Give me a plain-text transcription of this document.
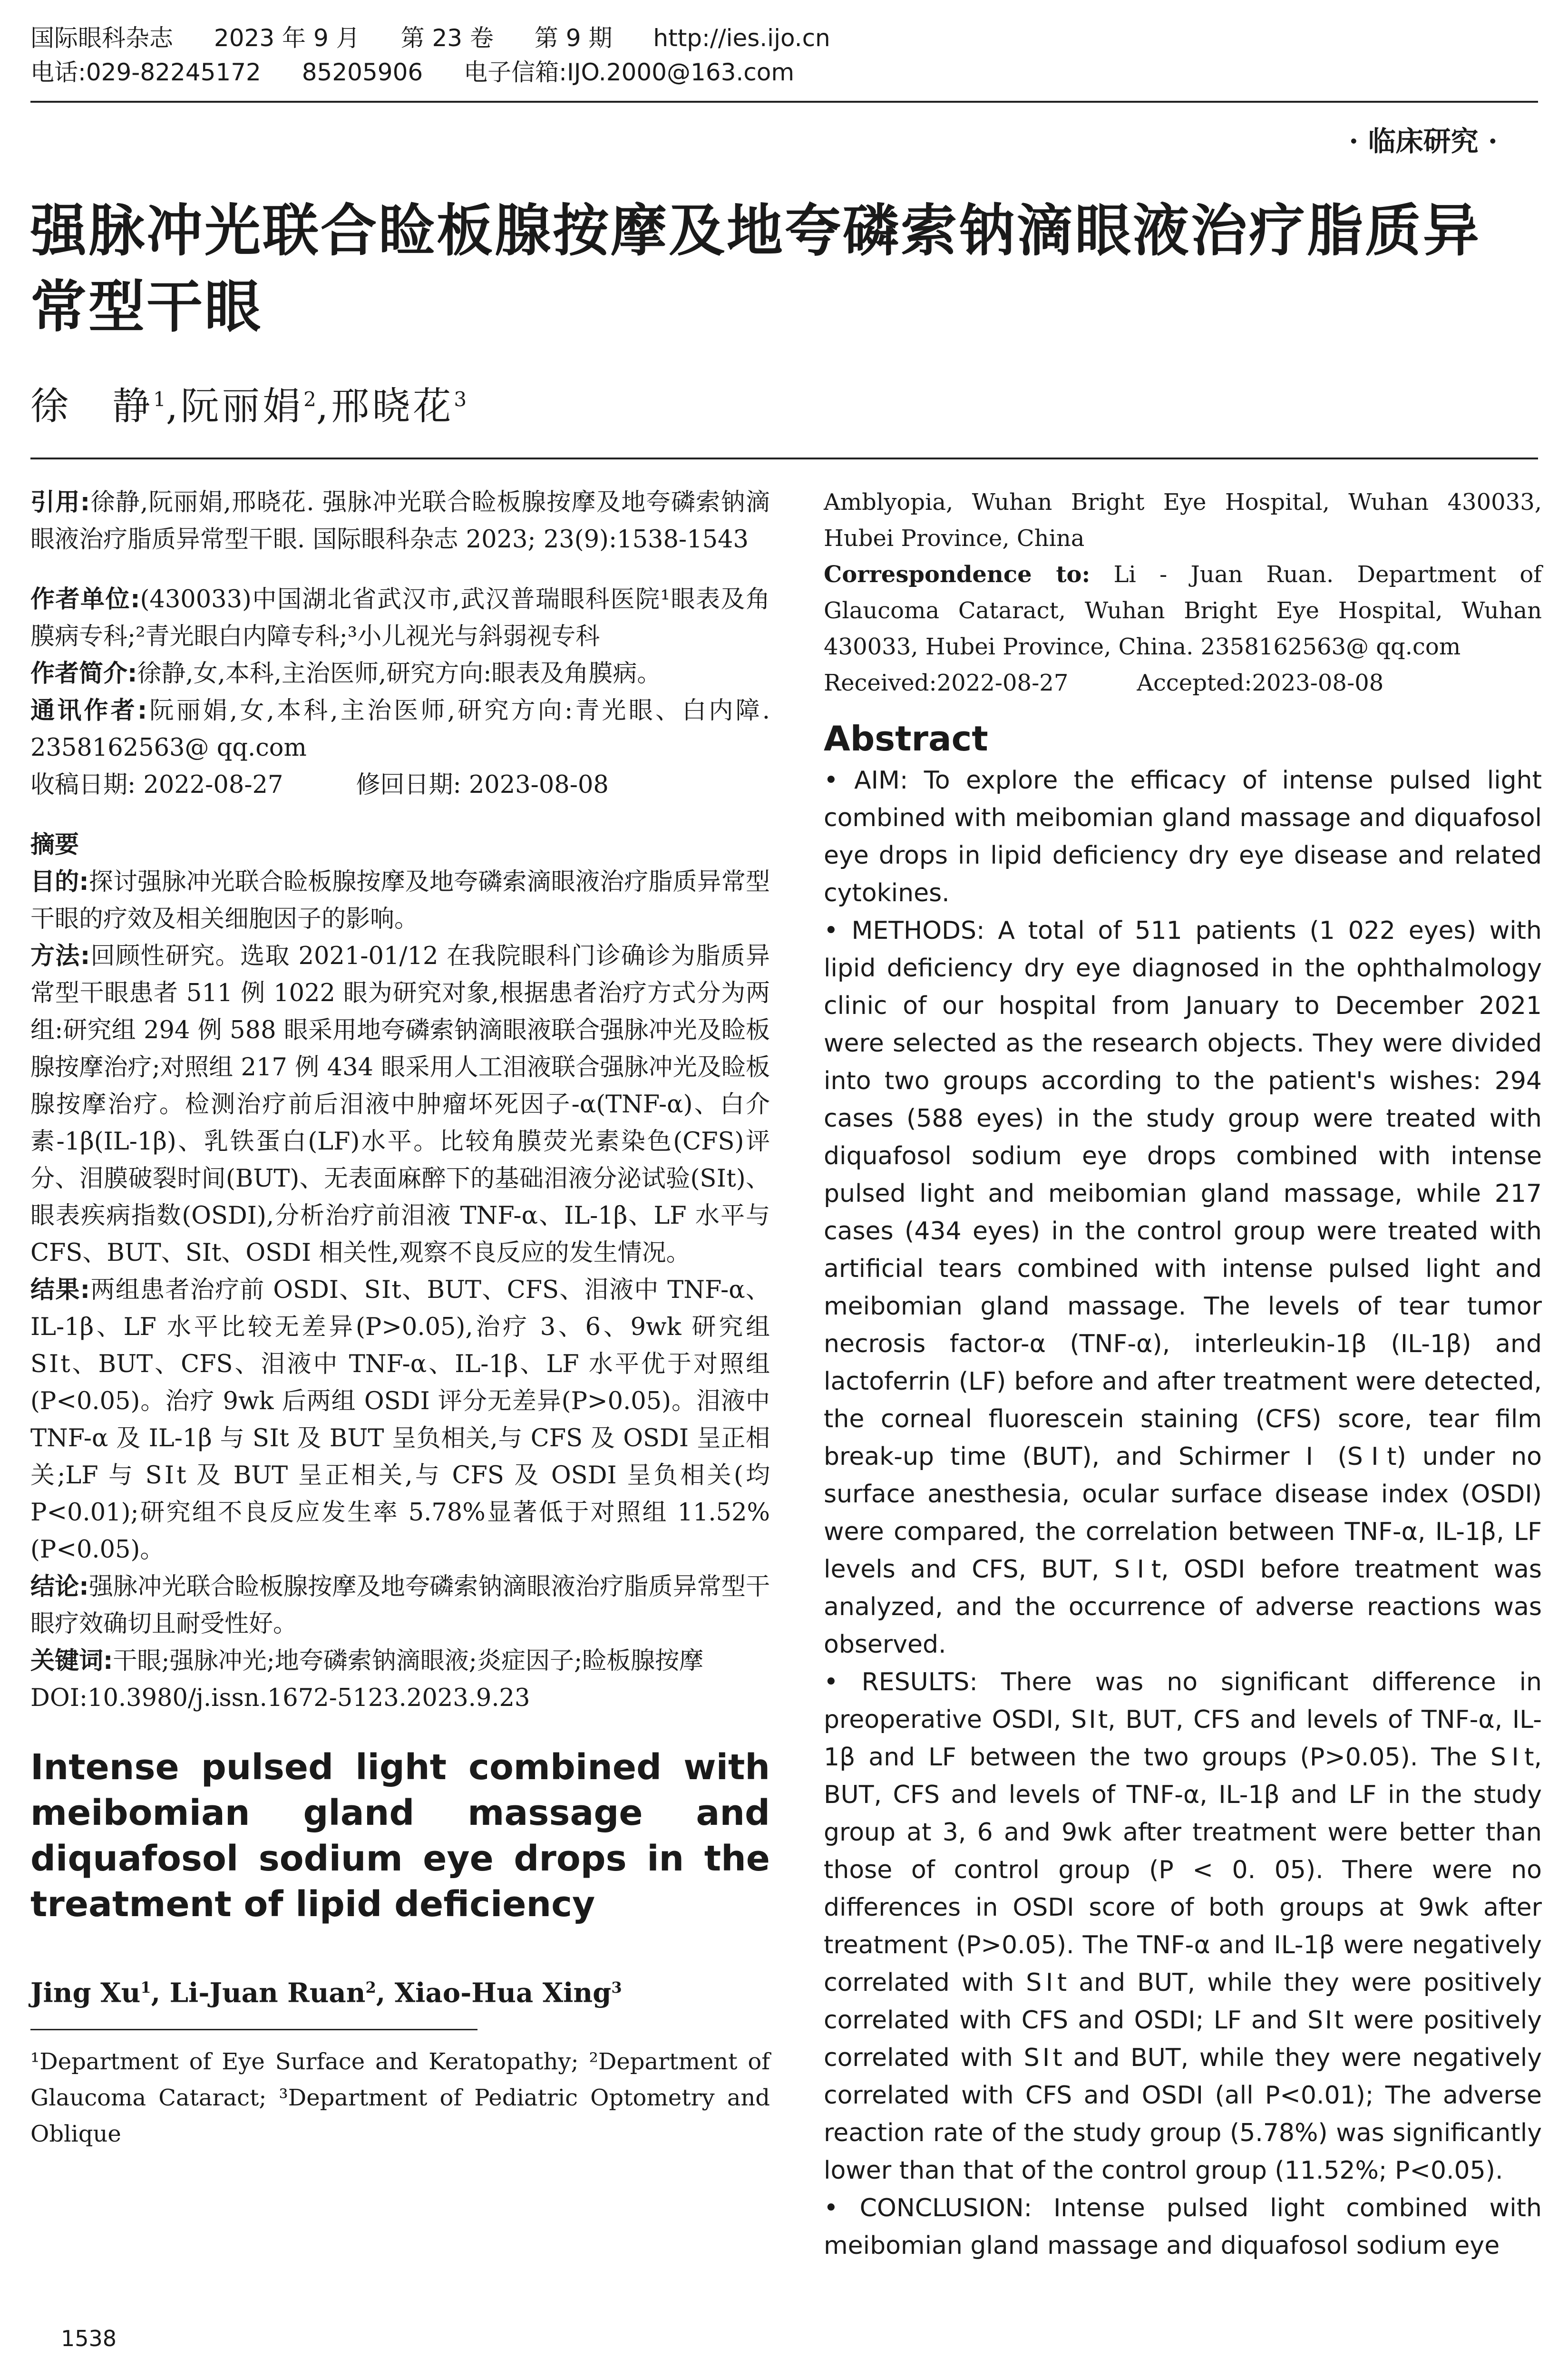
国际眼科杂志 2023 年 9 月 第 23 卷 第 9 期 http://ies.ijo.cn
电话:029-82245172 85205906 电子信箱:IJO.2000@163.com
· 临床研究 ·
强脉冲光联合睑板腺按摩及地夸磷索钠滴眼液治疗脂质异常型干眼
徐　静$^1$,阮丽娟$^2$,邢晓花$^3$

引用:徐静,阮丽娟,邢晓花. 强脉冲光联合睑板腺按摩及地夸磷索钠滴眼液治疗脂质异常型干眼. 国际眼科杂志 2023; 23(9):1538-1543

作者单位:(430033)中国湖北省武汉市,武汉普瑞眼科医院¹眼表及角膜病专科;²青光眼白内障专科;³小儿视光与斜弱视专科

作者简介:徐静,女,本科,主治医师,研究方向:眼表及角膜病。

通讯作者:阮丽娟,女,本科,主治医师,研究方向:青光眼、白内障. 2358162563@ qq.com

收稿日期: 2022-08-27　　　修回日期: 2023-08-08

摘要

目的:探讨强脉冲光联合睑板腺按摩及地夸磷索滴眼液治疗脂质异常型干眼的疗效及相关细胞因子的影响。

方法:回顾性研究。选取 2021-01/12 在我院眼科门诊确诊为脂质异常型干眼患者 511 例 1022 眼为研究对象,根据患者治疗方式分为两组:研究组 294 例 588 眼采用地夸磷索钠滴眼液联合强脉冲光及睑板腺按摩治疗;对照组 217 例 434 眼采用人工泪液联合强脉冲光及睑板腺按摩治疗。检测治疗前后泪液中肿瘤坏死因子-α(TNF-α)、白介素-1β(IL-1β)、乳铁蛋白(LF)水平。比较角膜荧光素染色(CFS)评分、泪膜破裂时间(BUT)、无表面麻醉下的基础泪液分泌试验(SⅠt)、眼表疾病指数(OSDI),分析治疗前泪液 TNF-α、IL-1β、LF 水平与 CFS、BUT、SⅠt、OSDI 相关性,观察不良反应的发生情况。

结果:两组患者治疗前 OSDI、SⅠt、BUT、CFS、泪液中 TNF-α、IL-1β、LF 水平比较无差异(P>0.05),治疗 3、6、9wk 研究组 SⅠt、BUT、CFS、泪液中 TNF-α、IL-1β、LF 水平优于对照组(P<0.05)。治疗 9wk 后两组 OSDI 评分无差异(P>0.05)。泪液中 TNF-α 及 IL-1β 与 SⅠt 及 BUT 呈负相关,与 CFS 及 OSDI 呈正相关;LF 与 SⅠt 及 BUT 呈正相关,与 CFS 及 OSDI 呈负相关(均 P<0.01);研究组不良反应发生率 5.78%显著低于对照组 11.52%(P<0.05)。

结论:强脉冲光联合睑板腺按摩及地夸磷索钠滴眼液治疗脂质异常型干眼疗效确切且耐受性好。

关键词:干眼;强脉冲光;地夸磷索钠滴眼液;炎症因子;睑板腺按摩

DOI:10.3980/j.issn.1672-5123.2023.9.23

Intense pulsed light combined with meibomian gland massage and diquafosol sodium eye drops in the treatment of lipid deficiency

Jing Xu$^1$, Li-Juan Ruan$^2$, Xiao-Hua Xing$^3$

¹Department of Eye Surface and Keratopathy; ²Department of Glaucoma Cataract; ³Department of Pediatric Optometry and Oblique

Amblyopia, Wuhan Bright Eye Hospital, Wuhan 430033, Hubei Province, China

Correspondence to: Li - Juan Ruan. Department of Glaucoma Cataract, Wuhan Bright Eye Hospital, Wuhan 430033, Hubei Province, China. 2358162563@ qq.com

Received:2022-08-27　　　Accepted:2023-08-08

Abstract

• AIM: To explore the efficacy of intense pulsed light combined with meibomian gland massage and diquafosol eye drops in lipid deficiency dry eye disease and related cytokines.

• METHODS: A total of 511 patients (1 022 eyes) with lipid deficiency dry eye diagnosed in the ophthalmology clinic of our hospital from January to December 2021 were selected as the research objects. They were divided into two groups according to the patient's wishes: 294 cases (588 eyes) in the study group were treated with diquafosol sodium eye drops combined with intense pulsed light and meibomian gland massage, while 217 cases (434 eyes) in the control group were treated with artificial tears combined with intense pulsed light and meibomian gland massage. The levels of tear tumor necrosis factor-α (TNF-α), interleukin-1β (IL-1β) and lactoferrin (LF) before and after treatment were detected, the corneal fluorescein staining (CFS) score, tear film break-up time (BUT), and Schirmer Ⅰ (SⅠt) under no surface anesthesia, ocular surface disease index (OSDI) were compared, the correlation between TNF-α, IL-1β, LF levels and CFS, BUT, SⅠt, OSDI before treatment was analyzed, and the occurrence of adverse reactions was observed.

• RESULTS: There was no significant difference in preoperative OSDI, SⅠt, BUT, CFS and levels of TNF-α, IL-1β and LF between the two groups (P>0.05). The SⅠt, BUT, CFS and levels of TNF-α, IL-1β and LF in the study group at 3, 6 and 9wk after treatment were better than those of control group (P < 0. 05). There were no differences in OSDI score of both groups at 9wk after treatment (P>0.05). The TNF-α and IL-1β were negatively correlated with SⅠt and BUT, while they were positively correlated with CFS and OSDI; LF and SⅠt were positively correlated with SⅠt and BUT, while they were negatively correlated with CFS and OSDI (all P<0.01); The adverse reaction rate of the study group (5.78%) was significantly lower than that of the control group (11.52%; P<0.05).

• CONCLUSION: Intense pulsed light combined with meibomian gland massage and diquafosol sodium eye

1538
